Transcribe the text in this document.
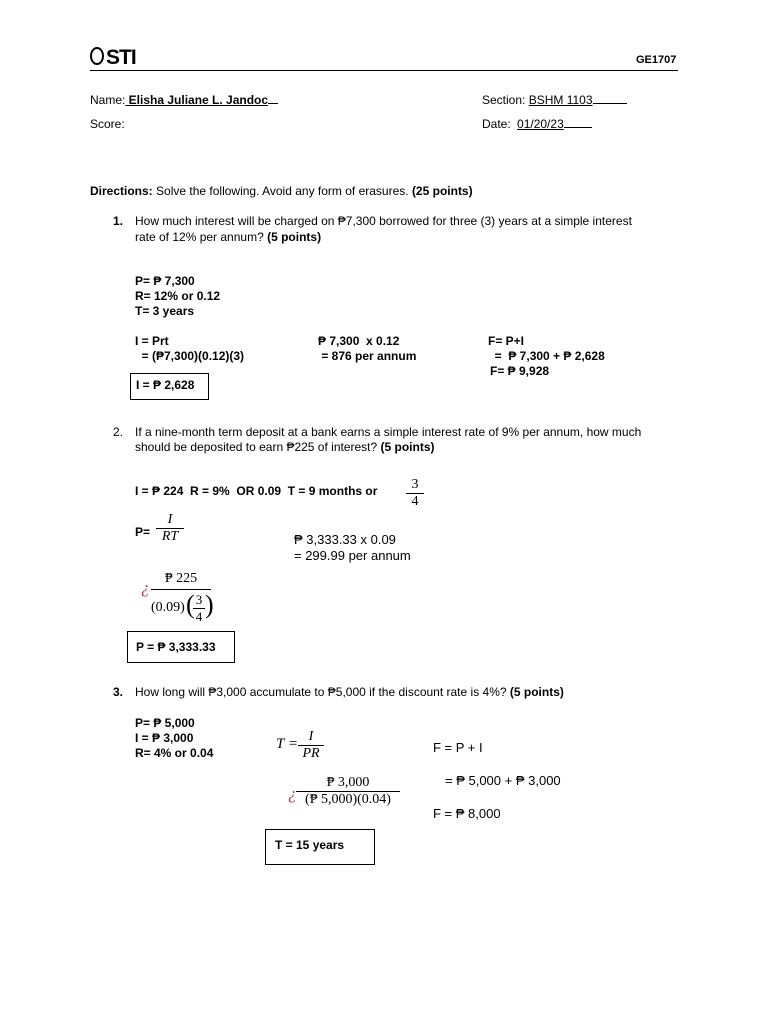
STI	GE1707
Name: Elisha Juliane L. Jandoc
Score:
Section: BSHM 1103
Date: 01/20/23
Directions: Solve the following. Avoid any form of erasures. (25 points)
1. How much interest will be charged on ₱7,300 borrowed for three (3) years at a simple interest
rate of 12% per annum? (5 points)
P= ₱ 7,300
R= 12% or 0.12
T= 3 years
I = Prt
= (₱7,300)(0.12)(3)
₱ 7,300  x 0.12
= 876 per annum
F= P+I
=  ₱ 7,300 + ₱ 2,628
F= ₱ 9,928
I = ₱ 2,628
2. If a nine-month term deposit at a bank earns a simple interest rate of 9% per annum, how much
should be deposited to earn ₱225 of interest? (5 points)
I = ₱ 224  R = 9%  OR 0.09  T = 9 months or $\frac{3}{4}$
$P= \frac{I}{RT}$	₱ 3,333.33 x 0.09
= 299.99 per annum
¿ ₱ 225
(0.09) (
$\frac{3}{4}$ )
P = ₱ 3,333.33
3. How long will ₱3,000 accumulate to ₱5,000 if the discount rate is 4%? (5 points)
P= ₱ 5,000
I = ₱ 3,000
R= 4% or 0.04
$T = \frac{I}{PR}$
¿ $\frac{₱ 3,000}{(₱ 5,000)(0.04)}$
F = P + I
= ₱ 5,000 + ₱ 3,000
F = ₱ 8,000
T = 15 years
